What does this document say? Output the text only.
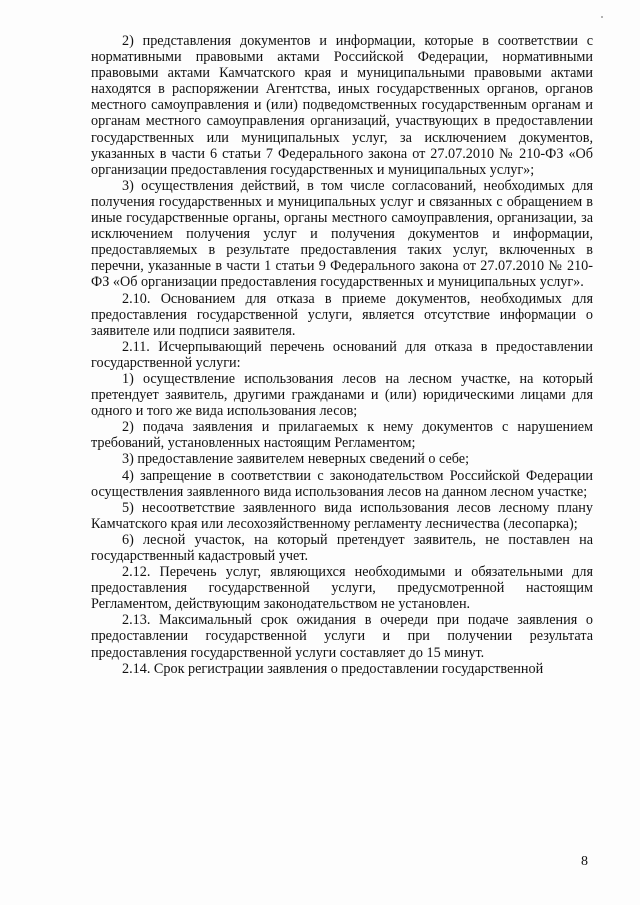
2) представления документов и информации, которые в соответствии с нормативными правовыми актами Российской Федерации, нормативными правовыми актами Камчатского края и муниципальными правовыми актами находятся в распоряжении Агентства, иных государственных органов, органов местного самоуправления и (или) подведомственных государственным органам и органам местного самоуправления организаций, участвующих в предоставлении государственных или муниципальных услуг, за исключением документов, указанных в части 6 статьи 7 Федерального закона от 27.07.2010 № 210-ФЗ «Об организации предоставления государственных и муниципальных услуг»;

3) осуществления действий, в том числе согласований, необходимых для получения государственных и муниципальных услуг и связанных с обращением в иные государственные органы, органы местного самоуправления, организации, за исключением получения услуг и получения документов и информации, предоставляемых в результате предоставления таких услуг, включенных в перечни, указанные в части 1 статьи 9 Федерального закона от 27.07.2010 № 210-ФЗ «Об организации предоставления государственных и муниципальных услуг».

2.10. Основанием для отказа в приеме документов, необходимых для предоставления государственной услуги, является отсутствие информации о заявителе или подписи заявителя.

2.11. Исчерпывающий перечень оснований для отказа в предоставлении государственной услуги:

1) осуществление использования лесов на лесном участке, на который претендует заявитель, другими гражданами и (или) юридическими лицами для одного и того же вида использования лесов;

2) подача заявления и прилагаемых к нему документов с нарушением требований, установленных настоящим Регламентом;

3) предоставление заявителем неверных сведений о себе;

4) запрещение в соответствии с законодательством Российской Федерации осуществления заявленного вида использования лесов на данном лесном участке;

5) несоответствие заявленного вида использования лесов лесному плану Камчатского края или лесохозяйственному регламенту лесничества (лесопарка);

6) лесной участок, на который претендует заявитель, не поставлен на государственный кадастровый учет.

2.12. Перечень услуг, являющихся необходимыми и обязательными для предоставления государственной услуги, предусмотренной настоящим Регламентом, действующим законодательством не установлен.

2.13. Максимальный срок ожидания в очереди при подаче заявления о предоставлении государственной услуги и при получении результата предоставления государственной услуги составляет до 15 минут.

2.14. Срок регистрации заявления о предоставлении государственной

8
